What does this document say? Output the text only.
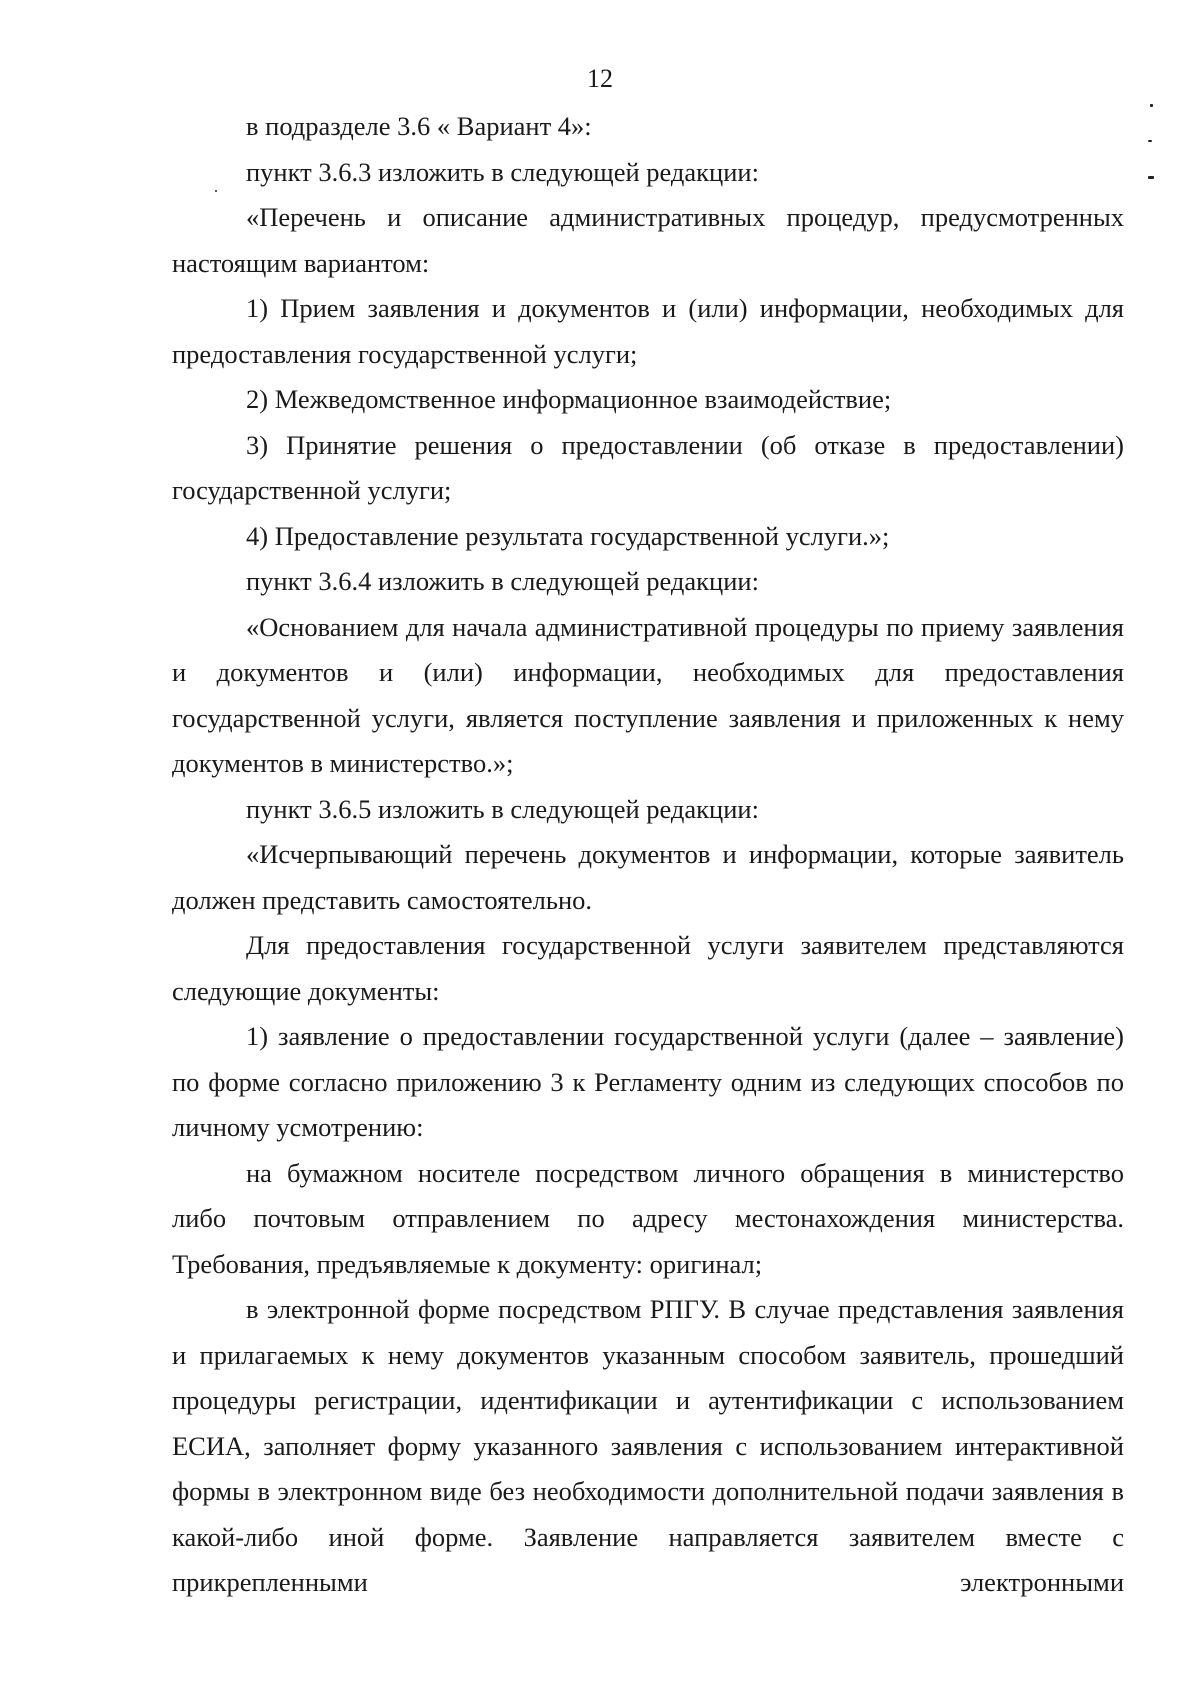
12

в подразделе 3.6 « Вариант 4»:

пункт 3.6.3 изложить в следующей редакции:

«Перечень и описание административных процедур, предусмотренных настоящим вариантом:

1) Прием заявления и документов и (или) информации, необходимых для предоставления государственной услуги;

2) Межведомственное информационное взаимодействие;

3) Принятие решения о предоставлении (об отказе в предоставлении) государственной услуги;

4) Предоставление результата государственной услуги.»;

пункт 3.6.4 изложить в следующей редакции:

«Основанием для начала административной процедуры по приему заявления и документов и (или) информации, необходимых для предоставления государственной услуги, является поступление заявления и приложенных к нему документов в министерство.»;

пункт 3.6.5 изложить в следующей редакции:

«Исчерпывающий перечень документов и информации, которые заявитель должен представить самостоятельно.

Для предоставления государственной услуги заявителем представляются следующие документы:

1) заявление о предоставлении государственной услуги (далее – заявление) по форме согласно приложению 3 к Регламенту одним из следующих способов по личному усмотрению:

на бумажном носителе посредством личного обращения в министерство либо почтовым отправлением по адресу местонахождения министерства. Требования, предъявляемые к документу: оригинал;

в электронной форме посредством РПГУ. В случае представления заявления и прилагаемых к нему документов указанным способом заявитель, прошедший процедуры регистрации, идентификации и аутентификации с использованием ЕСИА, заполняет форму указанного заявления с использованием интерактивной формы в электронном виде без необходимости дополнительной подачи заявления в какой-либо иной форме. Заявление направляется заявителем вместе с прикрепленными электронными
